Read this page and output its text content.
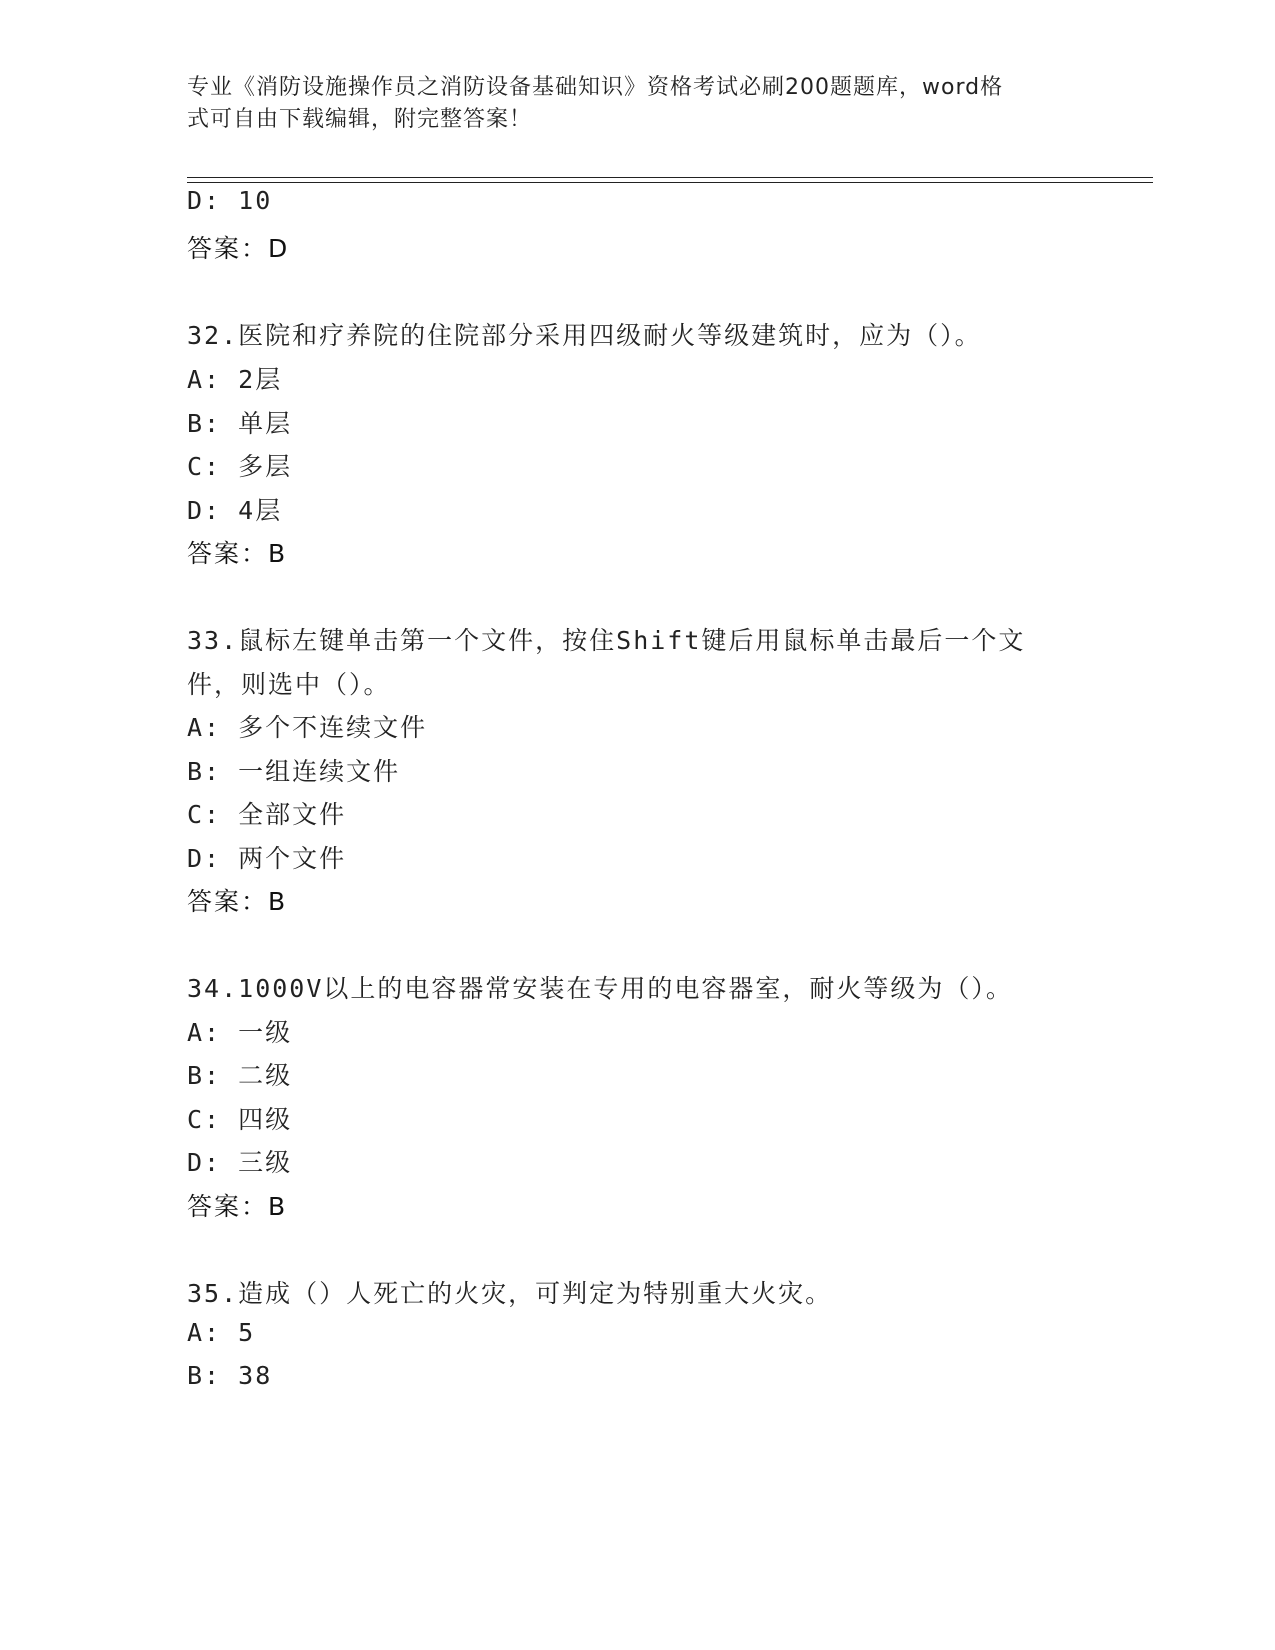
专业《消防设施操作员之消防设备基础知识》资格考试必刷200题题库，word格
式可自由下载编辑，附完整答案！
D: 10
答案：D
32.医院和疗养院的住院部分采用四级耐火等级建筑时，应为（）。
A: 2层
B: 单层
C: 多层
D: 4层
答案：B
33.鼠标左键单击第一个文件，按住Shift键后用鼠标单击最后一个文
件，则选中（）。
A: 多个不连续文件
B: 一组连续文件
C: 全部文件
D: 两个文件
答案：B
34.1000V以上的电容器常安装在专用的电容器室，耐火等级为（）。
A: 一级
B: 二级
C: 四级
D: 三级
答案：B
35.造成（）人死亡的火灾，可判定为特别重大火灾。
A: 5
B: 38
